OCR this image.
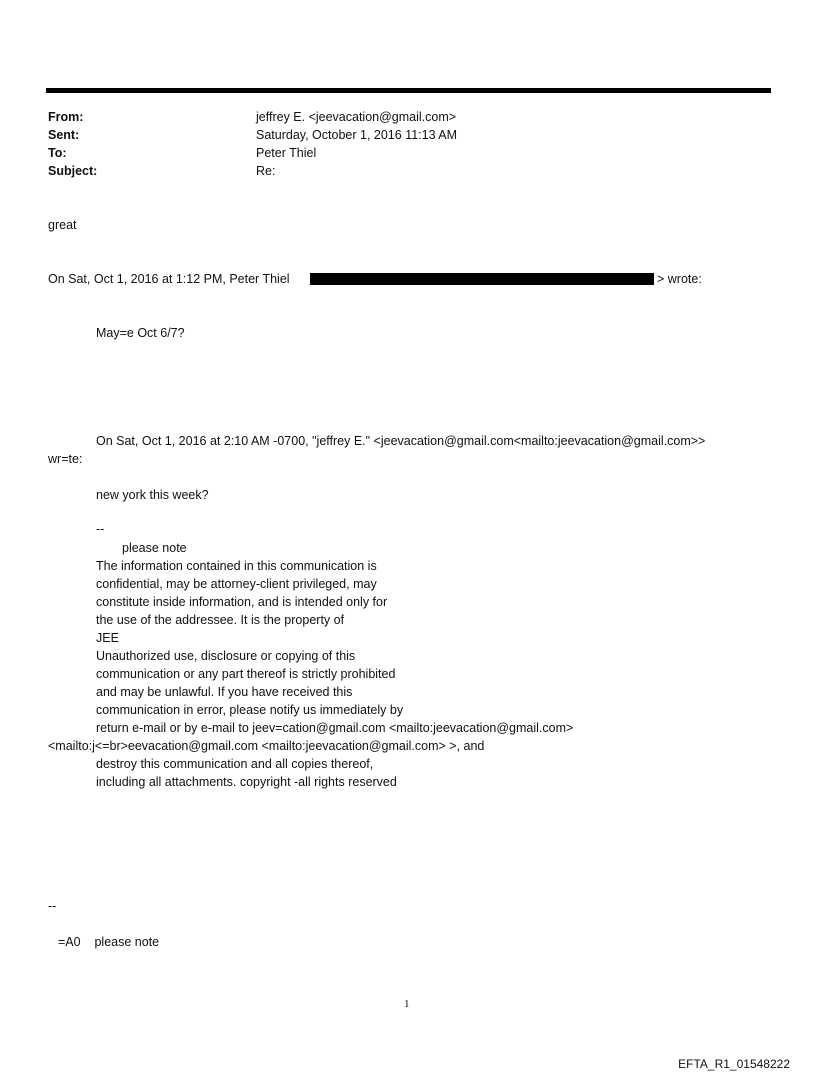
From:	jeffrey E. <jeevacation@gmail.com>
Sent:	Saturday, October 1, 2016 11:13 AM
To:	Peter Thiel
Subject:	Re:
great
On Sat, Oct 1, 2016 at 1:12 PM, Peter Thiel	> wrote:
May=e Oct 6/7?
On Sat, Oct 1, 2016 at 2:10 AM -0700, "jeffrey E." <jeevacation@gmail.com<mailto:jeevacation@gmail.com>>
wr=te:
new york this week?
--
please note
The information contained in this communication is
confidential, may be attorney-client privileged, may
constitute inside information, and is intended only for
the use of the addressee. It is the property of
JEE
Unauthorized use, disclosure or copying of this
communication or any part thereof is strictly prohibited
and may be unlawful. If you have received this
communication in error, please notify us immediately by
return e-mail or by e-mail to jeev=cation@gmail.com <mailto:jeevacation@gmail.com>
<mailto:j<=br>eevacation@gmail.com <mailto:jeevacation@gmail.com> >, and
destroy this communication and all copies thereof,
including all attachments. copyright -all rights reserved
--
=A0    please note
1
EFTA_R1_01548222
